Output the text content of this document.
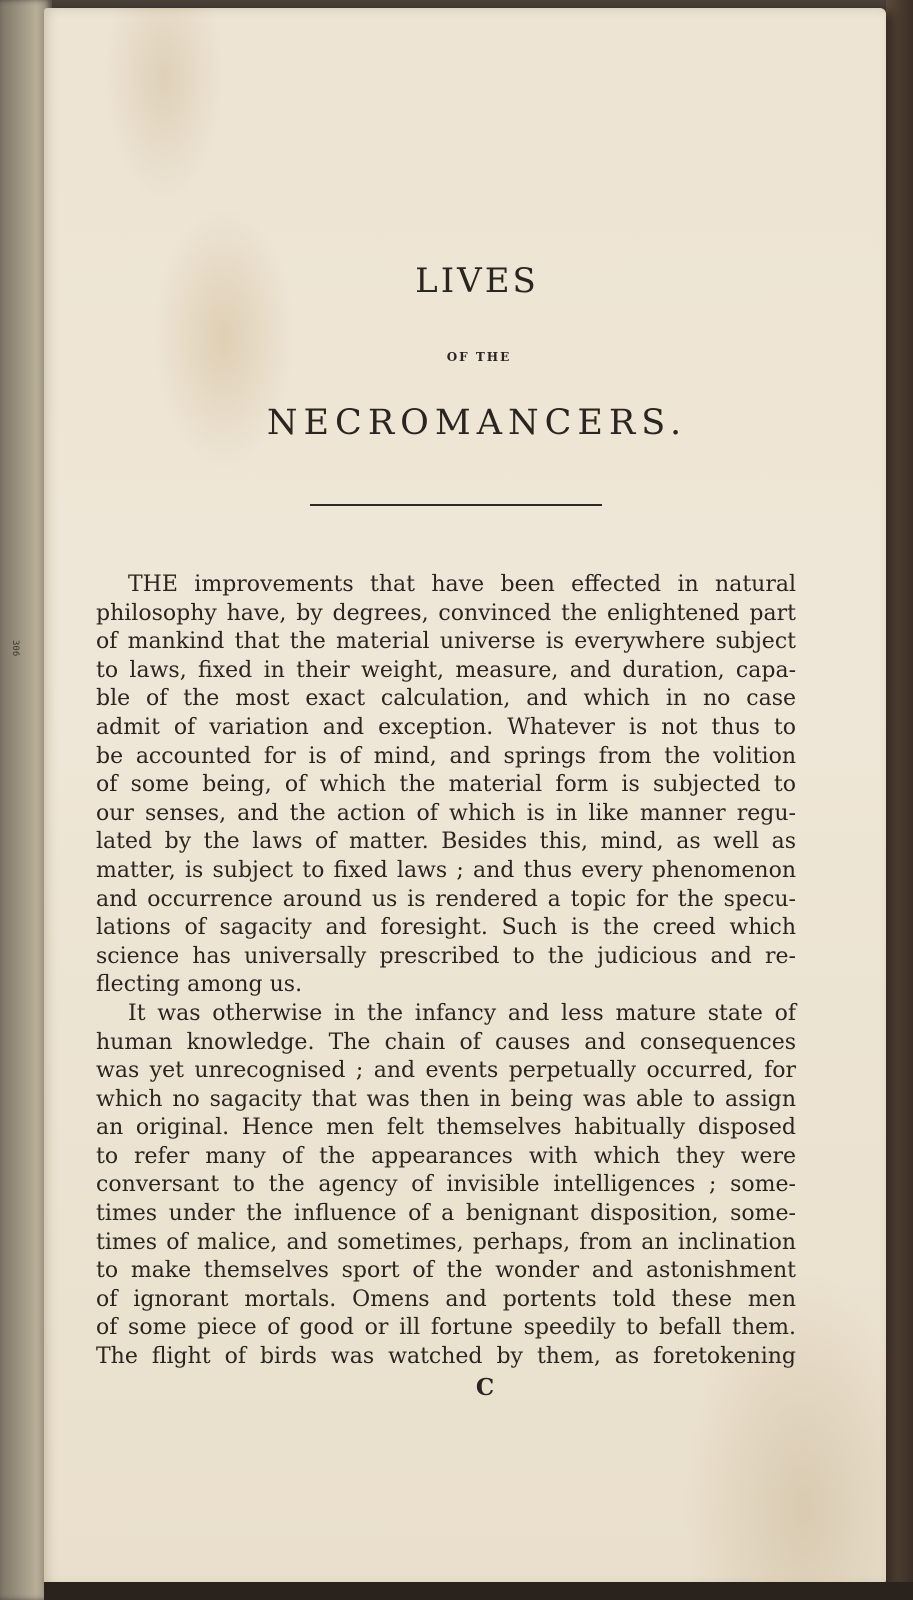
306
LIVES
OF THE
NECROMANCERS.
THE improvements that have been effected in natural
philosophy have, by degrees, convinced the enlightened part
of mankind that the material universe is everywhere subject
to laws, fixed in their weight, measure, and duration, capa-
ble of the most exact calculation, and which in no case
admit of variation and exception. Whatever is not thus to
be accounted for is of mind, and springs from the volition
of some being, of which the material form is subjected to
our senses, and the action of which is in like manner regu-
lated by the laws of matter. Besides this, mind, as well as
matter, is subject to fixed laws ; and thus every phenomenon
and occurrence around us is rendered a topic for the specu-
lations of sagacity and foresight. Such is the creed which
science has universally prescribed to the judicious and re-
flecting among us.
It was otherwise in the infancy and less mature state of
human knowledge. The chain of causes and consequences
was yet unrecognised ; and events perpetually occurred, for
which no sagacity that was then in being was able to assign
an original. Hence men felt themselves habitually disposed
to refer many of the appearances with which they were
conversant to the agency of invisible intelligences ; some-
times under the influence of a benignant disposition, some-
times of malice, and sometimes, perhaps, from an inclination
to make themselves sport of the wonder and astonishment
of ignorant mortals. Omens and portents told these men
of some piece of good or ill fortune speedily to befall them.
The flight of birds was watched by them, as foretokening
C
